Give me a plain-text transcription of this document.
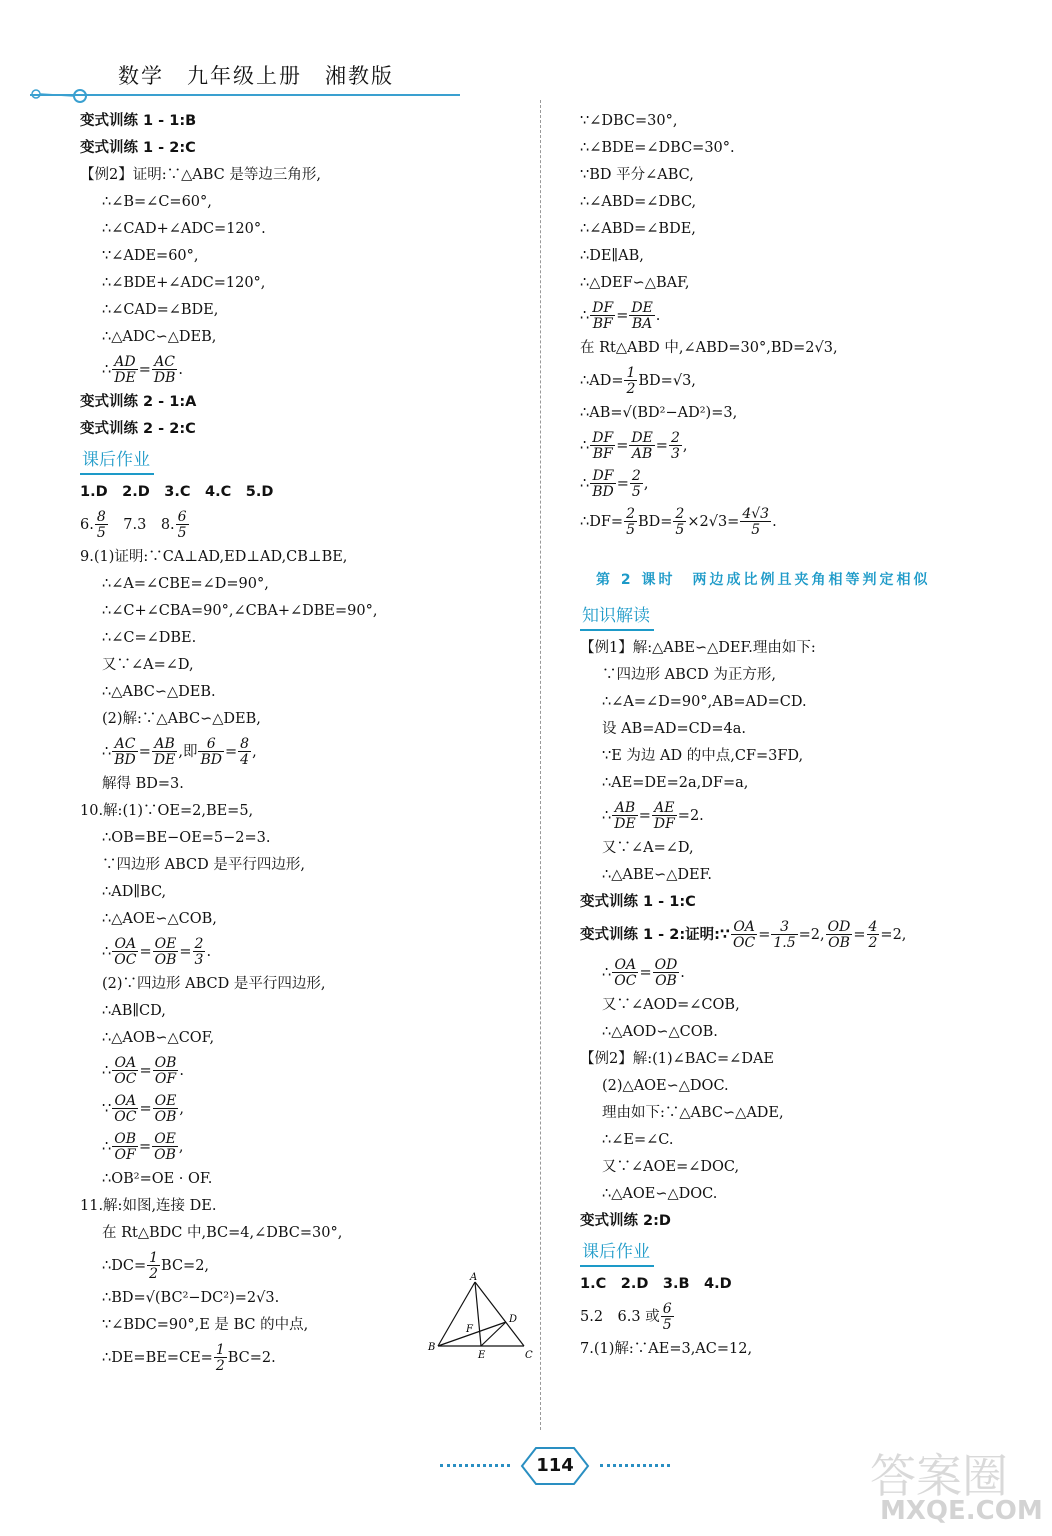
数学　九年级上册　湘教版
变式训练 1 - 1:B
变式训练 1 - 2:C
【例2】证明:∵△ABC 是等边三角形,
∴∠B=∠C=60°,
∴∠CAD+∠ADC=120°.
∵∠ADE=60°,
∴∠BDE+∠ADC=120°,
∴∠CAD=∠BDE,
∴△ADC∽△DEB,
∴ $\frac{AD}{DE} = \frac{AC}{DB}$ .
变式训练 2 - 1:A
变式训练 2 - 2:C
课后作业
1.D　2.D　3.C　4.C　5.D
6. $\frac{8}{5}$ 　7.3　8. $\frac{6}{5}$
9.(1)证明:∵CA⊥AD,ED⊥AD,CB⊥BE,
∴∠A=∠CBE=∠D=90°,
∴∠C+∠CBA=90°,∠CBA+∠DBE=90°,
∴∠C=∠DBE.
又∵∠A=∠D,
∴△ABC∽△DEB.
(2)解:∵△ABC∽△DEB,
∴ $\frac{AC}{BD} = \frac{AB}{DE}$ ,即 $\frac{6}{BD} = \frac{8}{4}$ ,
解得 BD=3.
10.解:(1)∵OE=2,BE=5,
∴OB=BE−OE=5−2=3.
∵四边形 ABCD 是平行四边形,
∴AD∥BC,
∴△AOE∽△COB,
∴ $\frac{OA}{OC} = \frac{OE}{OB} = \frac{2}{3}$ .
(2)∵四边形 ABCD 是平行四边形,
∴AB∥CD,
∴△AOB∽△COF,
∴ $\frac{OA}{OC} = \frac{OB}{OF}$ .
∵ $\frac{OA}{OC} = \frac{OE}{OB}$ ,
∴ $\frac{OB}{OF} = \frac{OE}{OB}$ ,
∴OB²=OE · OF.
11.解:如图,连接 DE.
在 Rt△BDC 中,BC=4,∠DBC=30°,
∴DC= $\frac{1}{2} BC=2$,
∴BD=√(BC²−DC²)=2√3.
∵∠BDC=90°,E 是 BC 的中点,
∴DE=BE=CE= $\frac{1}{2} BC=2$.
A
B
C
D
E
F
∵∠DBC=30°,
∴∠BDE=∠DBC=30°.
∵BD 平分∠ABC,
∴∠ABD=∠DBC,
∴∠ABD=∠BDE,
∴DE∥AB,
∴△DEF∽△BAF,
∴ $\frac{DF}{BF} = \frac{DE}{BA}$ .
在 Rt△ABD 中,∠ABD=30°,BD=2√3,
∴AD= $\frac{1}{2} BD=√3$,
∴AB=√(BD²−AD²)=3,
∴ $\frac{DF}{BF} = \frac{DE}{AB} = \frac{2}{3}$ ,
∴ $\frac{DF}{BD} = \frac{2}{5}$ ,
∴DF= $\frac{2}{5} BD= \frac{2}{5} \times 2√3= \frac{4√3}{5}$ .
第 2 课时　两边成比例且夹角相等判定相似
知识解读
【例1】解:△ABE∽△DEF.理由如下:
∵四边形 ABCD 为正方形,
∴∠A=∠D=90°,AB=AD=CD.
设 AB=AD=CD=4a.
∵E 为边 AD 的中点,CF=3FD,
∴AE=DE=2a,DF=a,
∴ $\frac{AB}{DE} = \frac{AE}{DF} =2$.
又∵∠A=∠D,
∴△ABE∽△DEF.
变式训练 1 - 1:C
变式训练 1 - 2:证明:∵ $\frac{OA}{OC} = \frac{3}{1.5} =2$, $\frac{OD}{OB} = \frac{4}{2} =2$,
∴ $\frac{OA}{OC} = \frac{OD}{OB}$ .
又∵∠AOD=∠COB,
∴△AOD∽△COB.
【例2】解:(1)∠BAC=∠DAE
(2)△AOE∽△DOC.
理由如下:∵△ABC∽△ADE,
∴∠E=∠C.
又∵∠AOE=∠DOC,
∴△AOE∽△DOC.
变式训练 2:D
课后作业
1.C　2.D　3.B　4.D
5.2　6.3 或 $\frac{6}{5}$
7.(1)解:∵AE=3,AC=12,
114	答案圈
MXQE.COM
